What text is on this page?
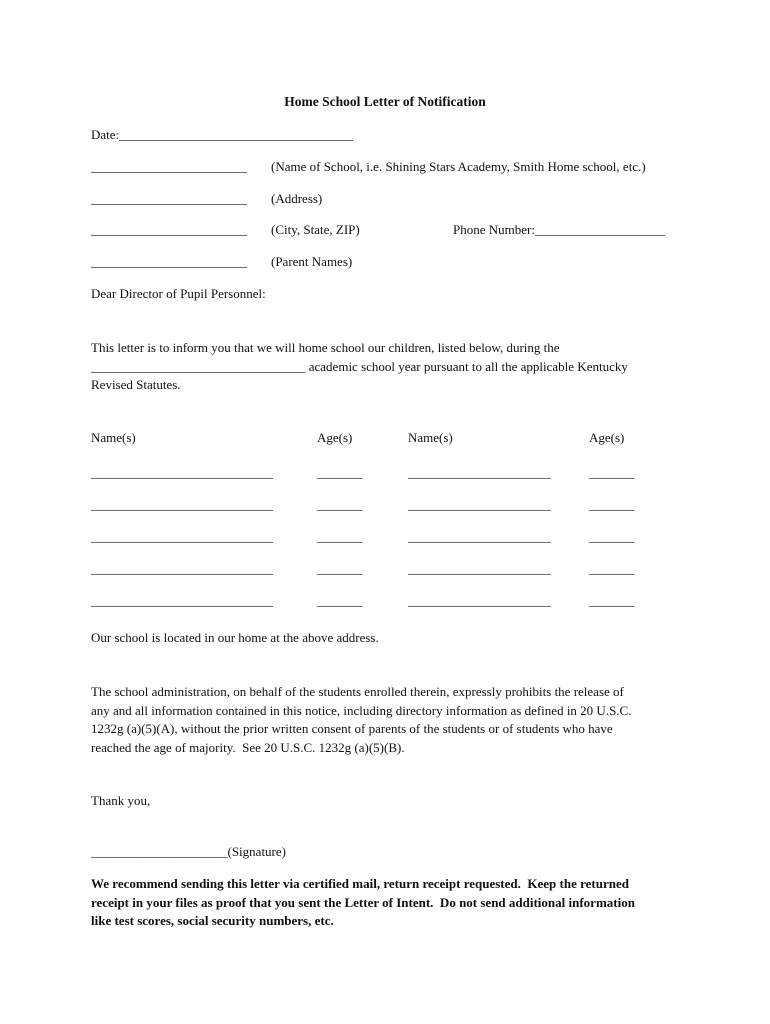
Home School Letter of Notification
Date:____________________________________
________________________ (Name of School, i.e. Shining Stars Academy, Smith Home school, etc.)
________________________ (Address)
________________________ (City, State, ZIP)	Phone Number:____________________
________________________ (Parent Names)
Dear Director of Pupil Personnel:
This letter is to inform you that we will home school our children, listed below, during the
_________________________________ academic school year pursuant to all the applicable Kentucky
Revised Statutes.
Name(s)	Age(s)	Name(s)	Age(s)
____________________________	_______	______________________	_______
____________________________	_______	______________________	_______
____________________________	_______	______________________	_______
____________________________	_______	______________________	_______
____________________________	_______	______________________	_______
Our school is located in our home at the above address.
The school administration, on behalf of the students enrolled therein, expressly prohibits the release of
any and all information contained in this notice, including directory information as defined in 20 U.S.C.
1232g (a)(5)(A), without the prior written consent of parents of the students or of students who have
reached the age of majority.  See 20 U.S.C. 1232g (a)(5)(B).
Thank you,
_____________________(Signature)
We recommend sending this letter via certified mail, return receipt requested.  Keep the returned
receipt in your files as proof that you sent the Letter of Intent.  Do not send additional information
like test scores, social security numbers, etc.
